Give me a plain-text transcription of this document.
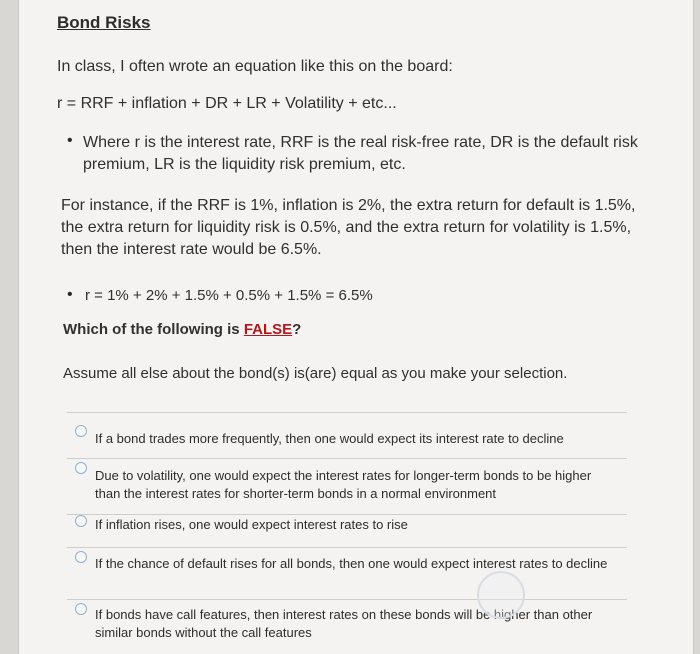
Bond Risks
In class, I often wrote an equation like this on the board:
r = RRF + inflation + DR + LR + Volatility + etc...
• Where r is the interest rate, RRF is the real risk-free rate, DR is the default risk premium, LR is the liquidity risk premium, etc.
For instance, if the RRF is 1%, inflation is 2%, the extra return for default is 1.5%, the extra return for liquidity risk is 0.5%, and the extra return for volatility is 1.5%, then the interest rate would be 6.5%.
• r = 1% + 2% + 1.5% + 0.5% + 1.5% = 6.5%
Which of the following is FALSE?
Assume all else about the bond(s) is(are) equal as you make your selection.
If a bond trades more frequently, then one would expect its interest rate to decline
Due to volatility, one would expect the interest rates for longer-term bonds to be higher than the interest rates for shorter-term bonds in a normal environment
If inflation rises, one would expect interest rates to rise
If the chance of default rises for all bonds, then one would expect interest rates to decline
If bonds have call features, then interest rates on these bonds will be higher than other similar bonds without the call features
